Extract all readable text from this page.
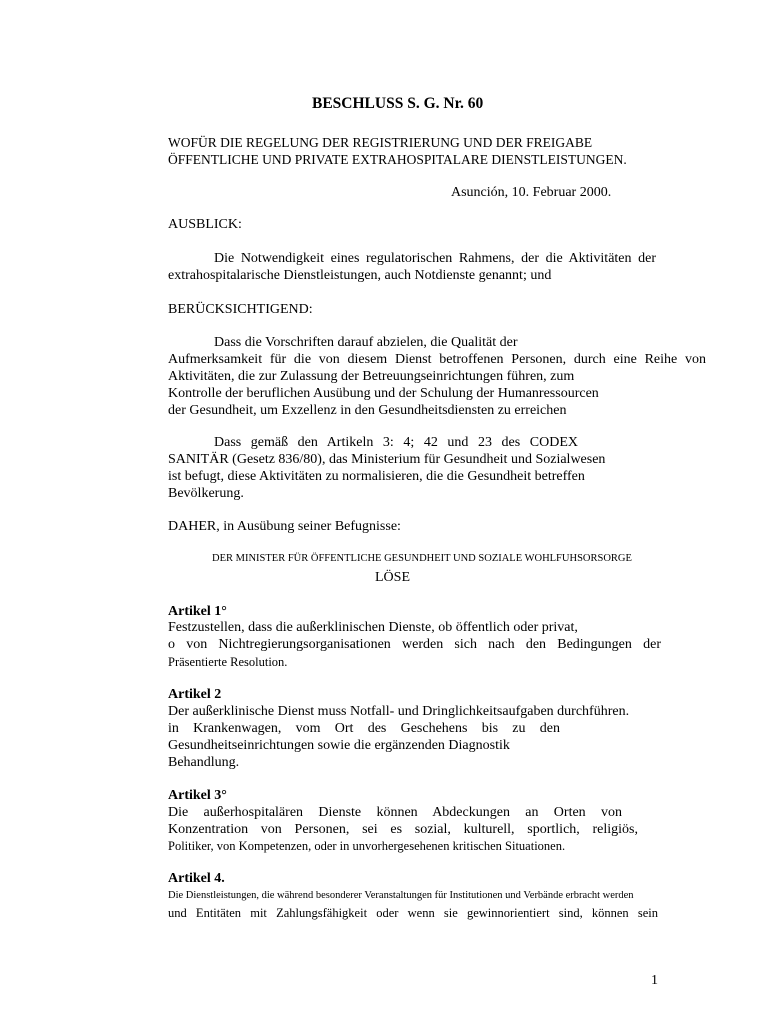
BESCHLUSS S. G. Nr. 60
WOFÜR DIE REGELUNG DER REGISTRIERUNG UND DER FREIGABE
ÖFFENTLICHE UND PRIVATE EXTRAHOSPITALARE DIENSTLEISTUNGEN.
Asunción, 10. Februar 2000.
AUSBLICK:
Die Notwendigkeit eines regulatorischen Rahmens, der die Aktivitäten der
extrahospitalarische Dienstleistungen, auch Notdienste genannt; und
BERÜCKSICHTIGEND:
Dass die Vorschriften darauf abzielen, die Qualität der
Aufmerksamkeit für die von diesem Dienst betroffenen Personen, durch eine Reihe von
Aktivitäten, die zur Zulassung der Betreuungseinrichtungen führen, zum
Kontrolle der beruflichen Ausübung und der Schulung der Humanressourcen
der Gesundheit, um Exzellenz in den Gesundheitsdiensten zu erreichen
Dass gemäß den Artikeln 3: 4; 42 und 23 des CODEX
SANITÄR (Gesetz 836/80), das Ministerium für Gesundheit und Sozialwesen
ist befugt, diese Aktivitäten zu normalisieren, die die Gesundheit betreffen
Bevölkerung.
DAHER, in Ausübung seiner Befugnisse:
DER MINISTER FÜR ÖFFENTLICHE GESUNDHEIT UND SOZIALE WOHLFUHSORSORGE
LÖSE
Artikel 1°
Festzustellen, dass die außerklinischen Dienste, ob öffentlich oder privat,
o von Nichtregierungsorganisationen werden sich nach den Bedingungen der
Präsentierte Resolution.
Artikel 2
Der außerklinische Dienst muss Notfall- und Dringlichkeitsaufgaben durchführen.
in Krankenwagen, vom Ort des Geschehens bis zu den
Gesundheitseinrichtungen sowie die ergänzenden Diagnostik
Behandlung.
Artikel 3°
Die außerhospitalären Dienste können Abdeckungen an Orten von
Konzentration von Personen, sei es sozial, kulturell, sportlich, religiös,
Politiker, von Kompetenzen, oder in unvorhergesehenen kritischen Situationen.
Artikel 4.
Die Dienstleistungen, die während besonderer Veranstaltungen für Institutionen und Verbände erbracht werden
und Entitäten mit Zahlungsfähigkeit oder wenn sie gewinnorientiert sind, können sein
1
